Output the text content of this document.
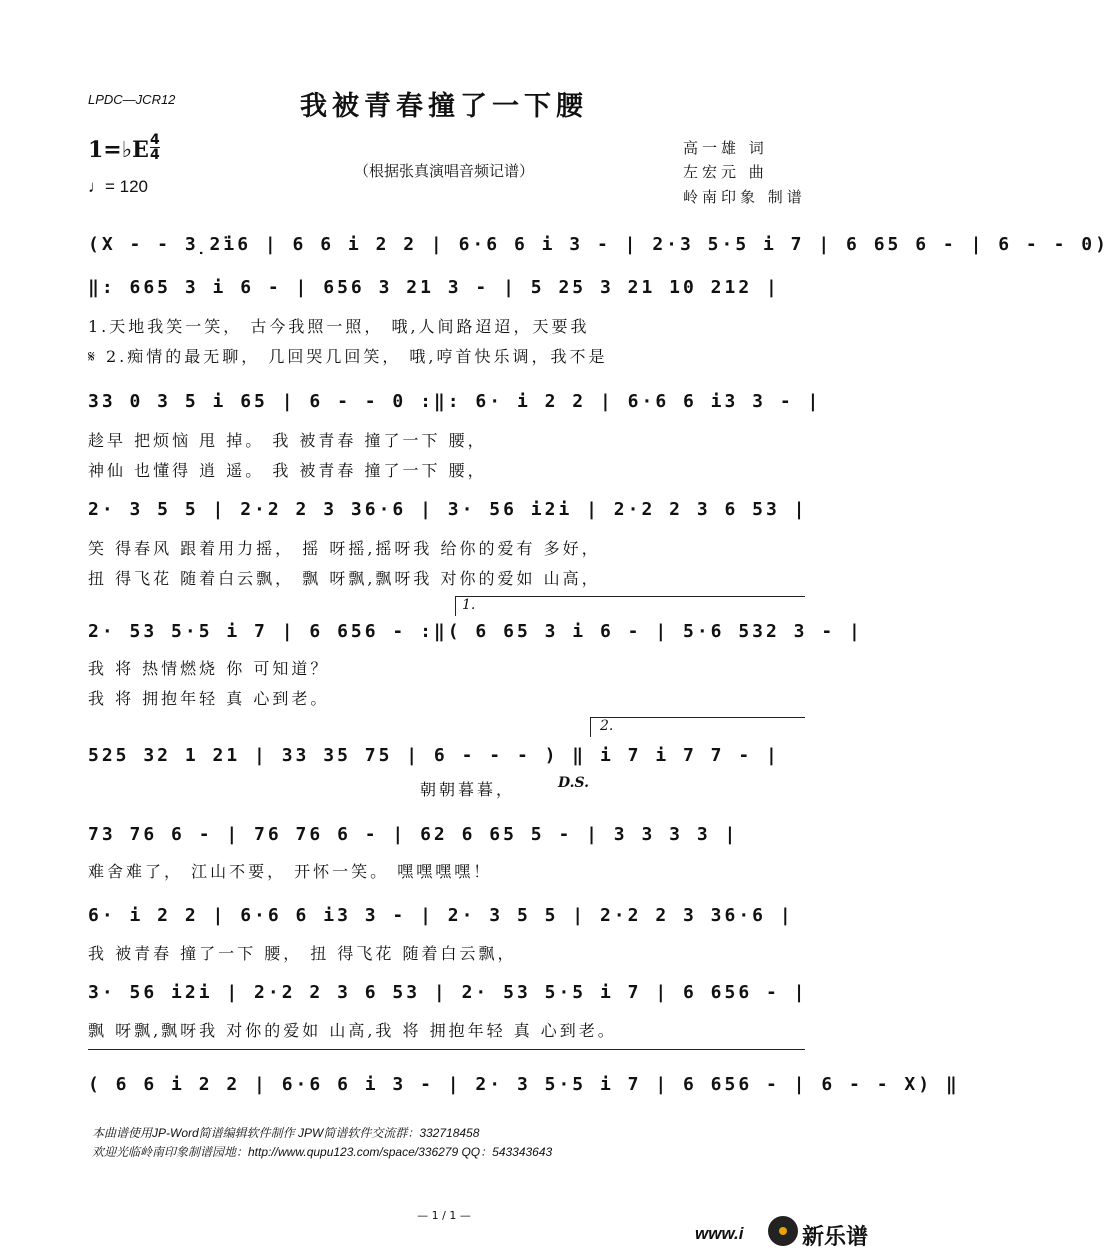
LPDC—JCR12	我被青春撞了一下腰
1=♭E 4
4
♩= 120
（根据张真演唱音频记谱）
高一雄 词
左宏元 曲
岭南印象 制谱
(X - - 3̣2̇i6 | 6 6 i 2 2 | 6·6 6 i 3 - | 2·3 5·5 i 7 | 6 65 6 - | 6 - - 0)
‖: 665 3 i 6 - | 656 3 21 3 - | 5 25 3 21 10 212 |
1.天地我笑一笑， 古今我照一照， 哦,人间路迢迢，天要我
𝄋 2.痴情的最无聊， 几回哭几回笑， 哦,哼首快乐调，我不是
33 0 3 5 i 65 | 6 - - 0 :‖: 6· i 2 2 | 6·6 6 i3 3 - |
趁早 把烦恼 甩 掉。 我 被青春 撞了一下 腰，
神仙 也懂得 逍 遥。 我 被青春 撞了一下 腰，
2· 3 5 5 | 2·2 2 3 36·6 | 3· 56 i2i | 2·2 2 3 6 53 |
笑 得春风 跟着用力摇， 摇 呀摇,摇呀我 给你的爱有 多好，
扭 得飞花 随着白云飘， 飘 呀飘,飘呀我 对你的爱如 山高，
1.
2· 53 5·5 i 7 | 6 656 - :‖( 6 65 3 i 6 - | 5·6 532 3 - |
我 将 热情燃烧 你 可知道？
我 将 拥抱年轻 真 心到老。
2.
525 32 1 21 | 33 35 75 | 6 - - - ) ‖ i 7 i 7 7 - |
D.S.
朝朝暮暮，
73 76 6 - | 76 76 6 - | 62 6 65 5 - | 3 3 3 3 |
难舍难了， 江山不要， 开怀一笑。 嘿嘿嘿嘿！
6· i 2 2 | 6·6 6 i3 3 - | 2· 3 5 5 | 2·2 2 3 36·6 |
我 被青春 撞了一下 腰， 扭 得飞花 随着白云飘，
3· 56 i2i | 2·2 2 3 6 53 | 2· 53 5·5 i 7 | 6 656 - |
飘 呀飘,飘呀我 对你的爱如 山高,我 将 拥抱年轻 真 心到老。
( 6 6 i 2 2 | 6·6 6 i 3 - | 2· 3 5·5 i 7 | 6 656 - | 6 - - X) ‖
本曲谱使用JP-Word简谱编辑软件制作 JPW简谱软件交流群：332718458
欢迎光临岭南印象制谱园地：http://www.qupu123.com/space/336279 QQ：543343643
— 1 / 1 —
www.i	新乐谱
